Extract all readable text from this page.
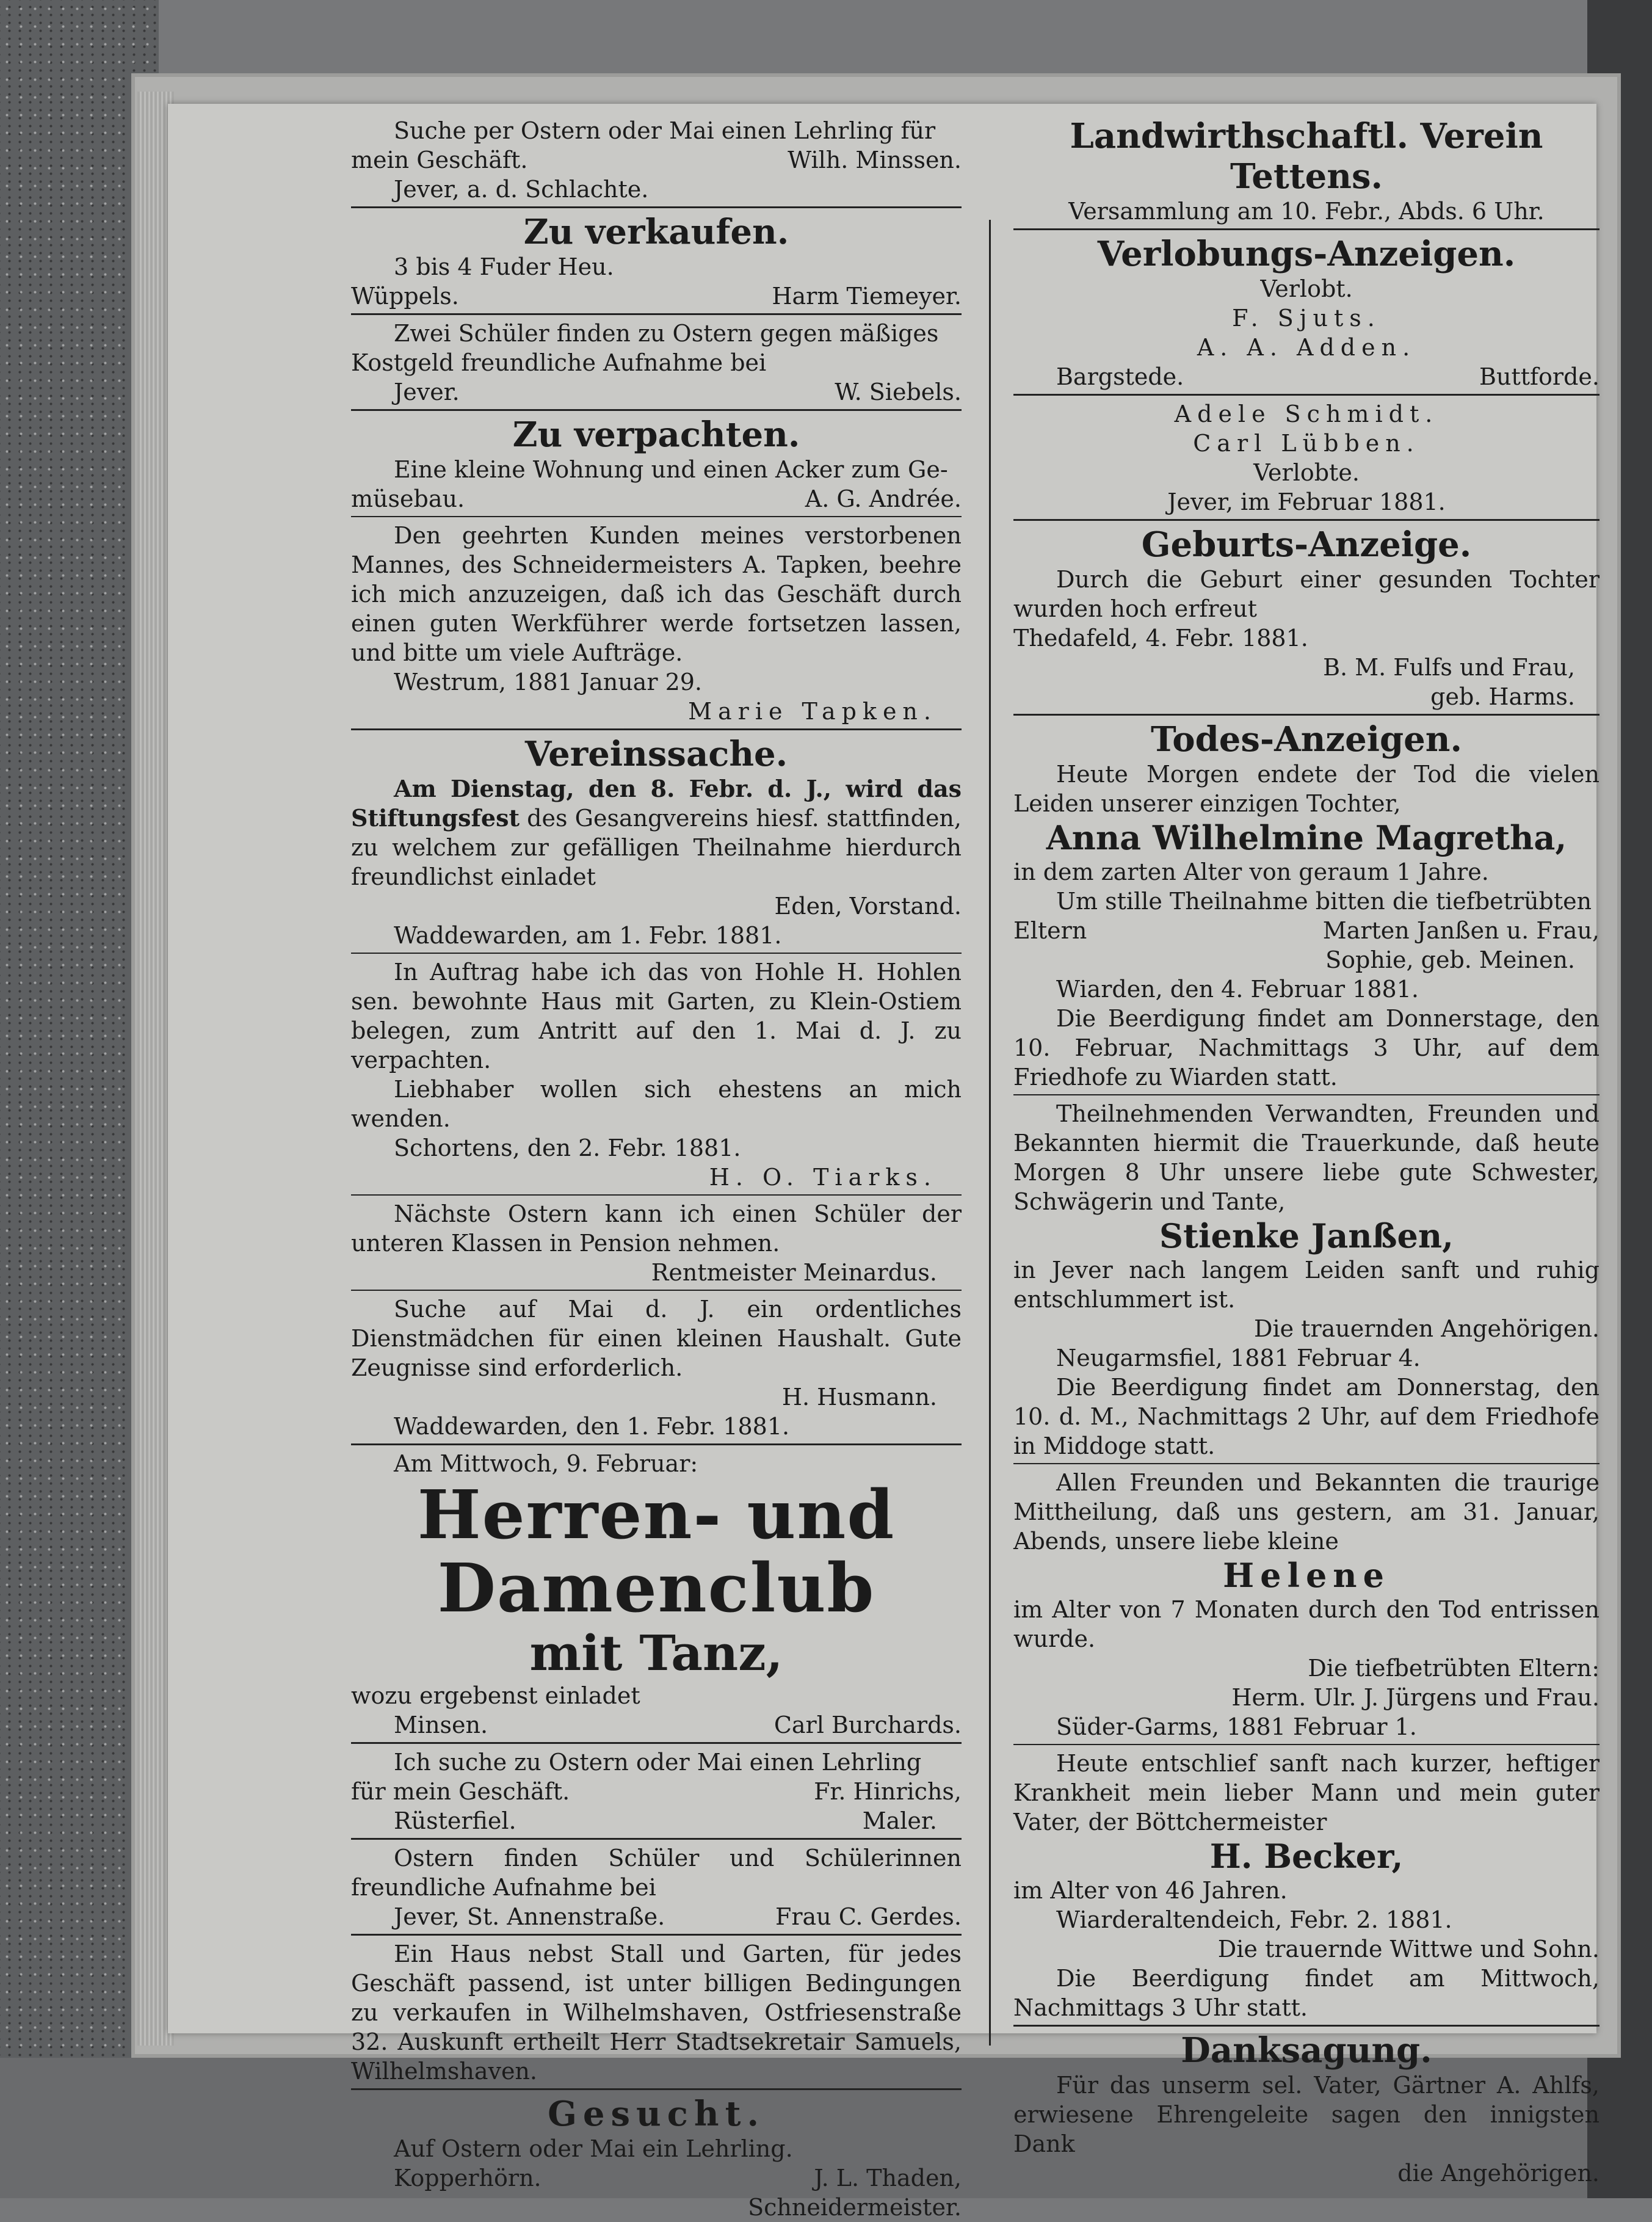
Suche per Ostern oder Mai einen Lehrling für
mein Geschäft.	Wilh. Minssen.
Jever, a. d. Schlachte.
Zu verkaufen.
3 bis 4 Fuder Heu.
Wüppels.	Harm Tiemeyer.
Zwei Schüler finden zu Ostern gegen mäßiges
Kostgeld freundliche Aufnahme bei
Jever.	W. Siebels.
Zu verpachten.
Eine kleine Wohnung und einen Acker zum Ge-
müsebau.	A. G. Andrée.
Den geehrten Kunden meines verstorbenen Mannes, des Schneidermeisters A. Tapken, beehre ich mich anzuzeigen, daß ich das Geschäft durch einen guten Werkführer werde fortsetzen lassen, und bitte um viele Aufträge.
Westrum, 1881 Januar 29.
Marie Tapken.
Vereinssache.
Am Dienstag, den 8. Febr. d. J., wird das Stiftungsfest des Gesangvereins hiesf. stattfinden, zu welchem zur gefälligen Theilnahme hierdurch freundlichst einladet
Eden, Vorstand.
Waddewarden, am 1. Febr. 1881.
In Auftrag habe ich das von Hohle H. Hohlen sen. bewohnte Haus mit Garten, zu Klein-Ostiem belegen, zum Antritt auf den 1. Mai d. J. zu verpachten.
Liebhaber wollen sich ehestens an mich wenden.
Schortens, den 2. Febr. 1881.
H. O. Tiarks.
Nächste Ostern kann ich einen Schüler der unteren Klassen in Pension nehmen.
Rentmeister Meinardus.
Suche auf Mai d. J. ein ordentliches Dienstmädchen für einen kleinen Haushalt. Gute Zeugnisse sind erforderlich.
H. Husmann.
Waddewarden, den 1. Febr. 1881.
Am Mittwoch, 9. Februar:
Herren- und Damenclub
mit Tanz,
wozu ergebenst einladet
Minsen.	Carl Burchards.
Ich suche zu Ostern oder Mai einen Lehrling
für mein Geschäft.	Fr. Hinrichs,
Rüsterfiel.	Maler.
Ostern finden Schüler und Schülerinnen freundliche Aufnahme bei
Jever, St. Annenstraße.	Frau C. Gerdes.
Ein Haus nebst Stall und Garten, für jedes Geschäft passend, ist unter billigen Bedingungen zu verkaufen in Wilhelmshaven, Ostfriesenstraße 32. Auskunft ertheilt Herr Stadtsekretair Samuels, Wilhelmshaven.
Gesucht.
Auf Ostern oder Mai ein Lehrling.
Kopperhörn.	J. L. Thaden,
Schneidermeister.
Landwirthschaftl. Verein Tettens.
Versammlung am 10. Febr., Abds. 6 Uhr.
Verlobungs-Anzeigen.
Verlobt.
F. Sjuts.
A. A. Adden.
Bargstede.	Buttforde.
Adele Schmidt.
Carl Lübben.
Verlobte.
Jever, im Februar 1881.
Geburts-Anzeige.
Durch die Geburt einer gesunden Tochter wurden hoch erfreut
Thedafeld, 4. Febr. 1881.
B. M. Fulfs und Frau,
geb. Harms.
Todes-Anzeigen.
Heute Morgen endete der Tod die vielen Leiden unserer einzigen Tochter,
Anna Wilhelmine Magretha,
in dem zarten Alter von geraum 1 Jahre.
Um stille Theilnahme bitten die tiefbetrübten
Eltern	Marten Janßen u. Frau,
Sophie, geb. Meinen.
Wiarden, den 4. Februar 1881.
Die Beerdigung findet am Donnerstage, den 10. Februar, Nachmittags 3 Uhr, auf dem Friedhofe zu Wiarden statt.
Theilnehmenden Verwandten, Freunden und Bekannten hiermit die Trauerkunde, daß heute Morgen 8 Uhr unsere liebe gute Schwester, Schwägerin und Tante,
Stienke Janßen,
in Jever nach langem Leiden sanft und ruhig entschlummert ist.
Die trauernden Angehörigen.
Neugarmsfiel, 1881 Februar 4.
Die Beerdigung findet am Donnerstag, den 10. d. M., Nachmittags 2 Uhr, auf dem Friedhofe in Middoge statt.
Allen Freunden und Bekannten die traurige Mittheilung, daß uns gestern, am 31. Januar, Abends, unsere liebe kleine
Helene
im Alter von 7 Monaten durch den Tod entrissen wurde.
Die tiefbetrübten Eltern:
Herm. Ulr. J. Jürgens und Frau.
Süder-Garms, 1881 Februar 1.
Heute entschlief sanft nach kurzer, heftiger Krankheit mein lieber Mann und mein guter Vater, der Böttchermeister
H. Becker,
im Alter von 46 Jahren.
Wiarderaltendeich, Febr. 2. 1881.
Die trauernde Wittwe und Sohn.
Die Beerdigung findet am Mittwoch, Nachmittags 3 Uhr statt.
Danksagung.
Für das unserm sel. Vater, Gärtner A. Ahlfs, erwiesene Ehrengeleite sagen den innigsten Dank
die Angehörigen.
